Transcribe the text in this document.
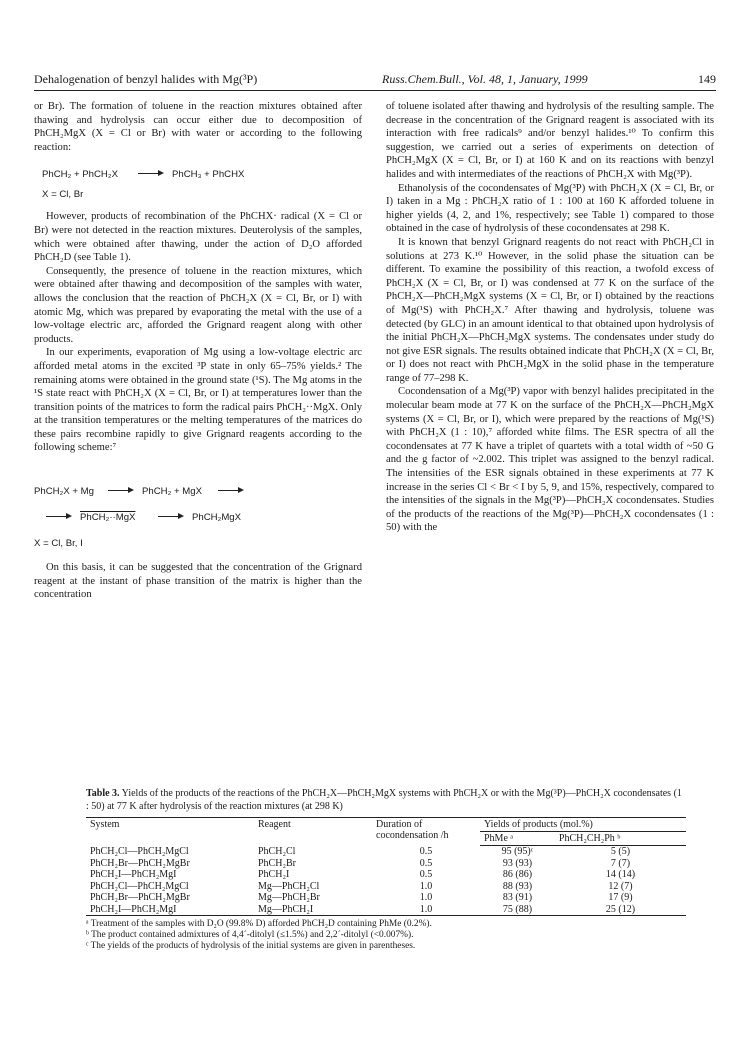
Dehalogenation of benzyl halides with Mg(³P)	Russ.Chem.Bull., Vol. 48, 1, January, 1999	149

or Br). The formation of toluene in the reaction mixtures obtained after thawing and hydrolysis can occur either due to decomposition of PhCH₂MgX (X = Cl or Br) with water or according to the following reaction:

PhCH₂ + PhCH₂X	PhCH₃ + PhCHX
X = Cl, Br

However, products of recombination of the PhCHX· radical (X = Cl or Br) were not detected in the reaction mixtures. Deuterolysis of the samples, which were obtained after thawing, under the action of D₂O afforded PhCH₂D (see Table 1).

Consequently, the presence of toluene in the reaction mixtures, which were obtained after thawing and decomposition of the samples with water, allows the conclusion that the reaction of PhCH₂X (X = Cl, Br, or I) with atomic Mg, which was prepared by evaporating the metal with the use of a low-voltage electric arc, afforded the Grignard reagent along with other products.

In our experiments, evaporation of Mg using a low-voltage electric arc afforded metal atoms in the excited ³P state in only 65–75% yields.² The remaining atoms were obtained in the ground state (¹S). The Mg atoms in the ¹S state react with PhCH₂X (X = Cl, Br, or I) at temperatures lower than the transition points of the matrices to form the radical pairs PhCH₂··MgX. Only at the transition temperatures or the melting temperatures of the matrices do these pairs recombine rapidly to give Grignard reagents according to the following scheme:⁷

PhCH₂X + Mg	PhCH₂ + MgX
PhCH₂··MgX	PhCH₂MgX
X = Cl, Br, I

On this basis, it can be suggested that the concentration of the Grignard reagent at the instant of phase transition of the matrix is higher than the concentration

of toluene isolated after thawing and hydrolysis of the resulting sample. The decrease in the concentration of the Grignard reagent is associated with its interaction with free radicals⁹ and/or benzyl halides.¹⁰ To confirm this suggestion, we carried out a series of experiments on detection of PhCH₂MgX (X = Cl, Br, or I) at 160 K and on its reactions with benzyl halides and with intermediates of the reactions of PhCH₂X with Mg(³P).

Ethanolysis of the cocondensates of Mg(³P) with PhCH₂X (X = Cl, Br, or I) taken in a Mg : PhCH₂X ratio of 1 : 100 at 160 K afforded toluene in higher yields (4, 2, and 1%, respectively; see Table 1) compared to those obtained in the case of hydrolysis of these cocondensates at 298 K.

It is known that benzyl Grignard reagents do not react with PhCH₂Cl in solutions at 273 K.¹⁰ However, in the solid phase the situation can be different. To examine the possibility of this reaction, a twofold excess of PhCH₂X (X = Cl, Br, or I) was condensed at 77 K on the surface of the PhCH₂X—PhCH₂MgX systems (X = Cl, Br, or I) obtained by the reactions of Mg(¹S) with PhCH₂X.⁷ After thawing and hydrolysis, toluene was detected (by GLC) in an amount identical to that obtained upon hydrolysis of the initial PhCH₂X—PhCH₂MgX systems. The condensates under study do not give ESR signals. The results obtained indicate that PhCH₂X (X = Cl, Br, or I) does not react with PhCH₂MgX in the solid phase in the temperature range of 77–298 K.

Cocondensation of a Mg(³P) vapor with benzyl halides precipitated in the molecular beam mode at 77 K on the surface of the PhCH₂X—PhCH₂MgX systems (X = Cl, Br, or I), which were prepared by the reactions of Mg(¹S) with PhCH₂X (1 : 10),⁷ afforded white films. The ESR spectra of all the cocondensates at 77 K have a triplet of quartets with a total width of ~50 G and the g factor of ~2.002. This triplet was assigned to the benzyl radical. The intensities of the ESR signals obtained in these experiments at 77 K increase in the series Cl < Br < I by 5, 9, and 15%, respectively, compared to the intensities of the signals in the Mg(³P)—PhCH₂X cocondensates. Studies of the products of the reactions of the Mg(³P)—PhCH₂X cocondensates (1 : 50) with the

Table 3. Yields of the products of the reactions of the PhCH₂X—PhCH₂MgX systems with PhCH₂X or with the Mg(³P)—PhCH₂X cocondensates (1 : 50) at 77 K after hydrolysis of the reaction mixtures (at 298 K)
System	Reagent	Duration of cocondensation /h	Yields of products (mol.%)	
			PhMe ᵃ	PhCH₂CH₂Ph ᵇ
PhCH₂Cl—PhCH₂MgCl	PhCH₂Cl	0.5	95 (95)ᶜ	5 (5)
PhCH₂Br—PhCH₂MgBr	PhCH₂Br	0.5	93 (93)	7 (7)
PhCH₂I—PhCH₂MgI	PhCH₂I	0.5	86 (86)	14 (14)
PhCH₂Cl—PhCH₂MgCl	Mg—PhCH₂Cl	1.0	88 (93)	12 (7)
PhCH₂Br—PhCH₂MgBr	Mg—PhCH₂Br	1.0	83 (91)	17 (9)
PhCH₂I—PhCH₂MgI	Mg—PhCH₂I	1.0	75 (88)	25 (12)
ᵃ Treatment of the samples with D₂O (99.8% D) afforded PhCH₂D containing PhMe (0.2%).
ᵇ The product contained admixtures of 4,4´-ditolyl (≤1.5%) and 2,2´-ditolyl (<0.007%).
ᶜ The yields of the products of hydrolysis of the initial systems are given in parentheses.
